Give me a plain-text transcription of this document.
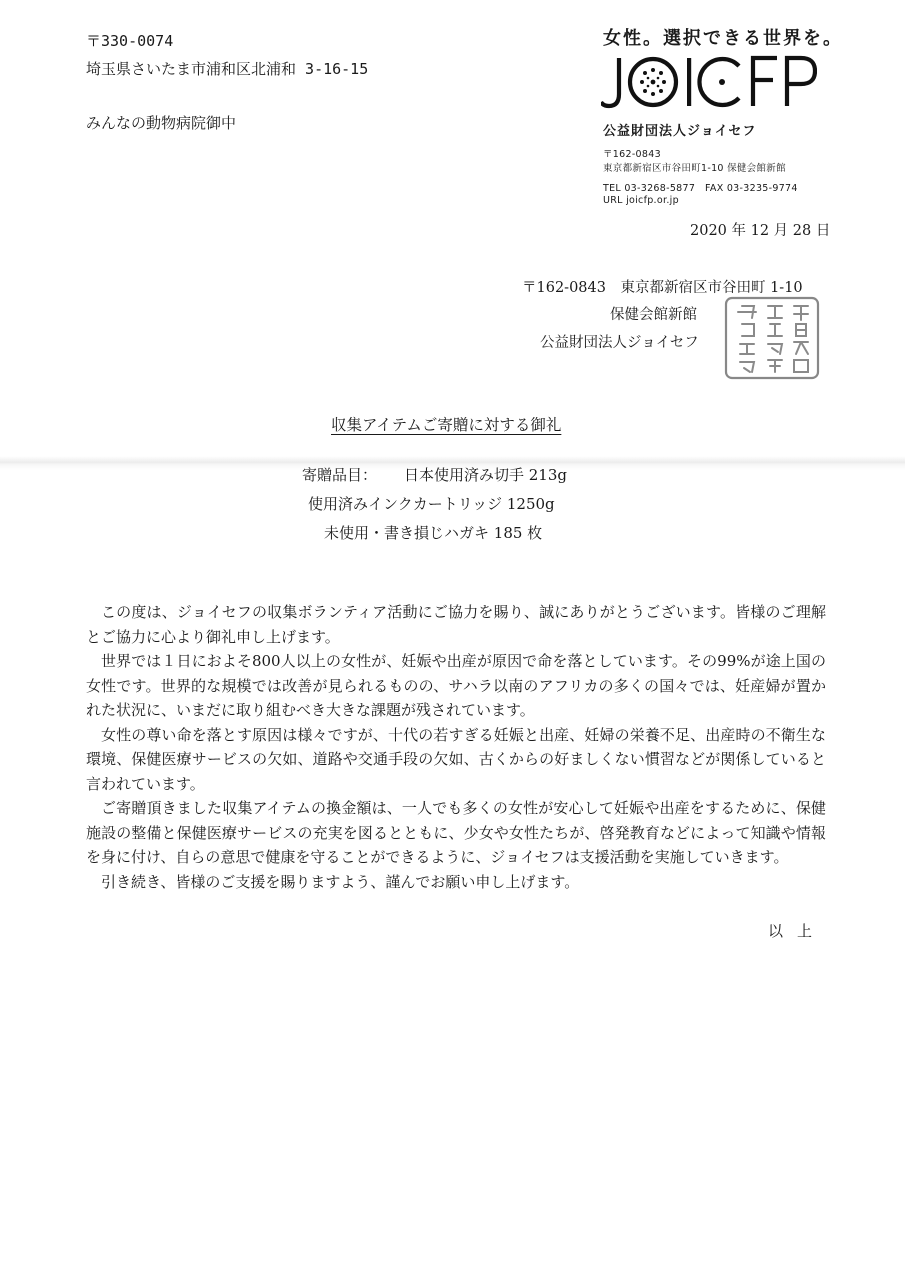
〒330-0074
埼玉県さいたま市浦和区北浦和 3-16-15
みんなの動物病院御中
女性。選択できる世界を。
公益財団法人ジョイセフ
〒162-0843
東京都新宿区市谷田町1-10 保健会館新館
TEL 03-3268-5877　FAX 03-3235-9774
URL joicfp.or.jp
2020 年 12 月 28 日
〒162-0843　東京都新宿区市谷田町 1-10
保健会館新館
公益財団法人ジョイセフ
収集アイテムご寄贈に対する御礼
寄贈品目： 日本使用済み切手 213g
使用済みインクカートリッジ 1250g
未使用・書き損じハガキ 185 枚

この度は、ジョイセフの収集ボランティア活動にご協力を賜り、誠にありがとうございます。皆様のご理解とご協力に心より御礼申し上げます。

世界では１日におよそ800人以上の女性が、妊娠や出産が原因で命を落としています。その99%が途上国の女性です。世界的な規模では改善が見られるものの、サハラ以南のアフリカの多くの国々では、妊産婦が置かれた状況に、いまだに取り組むべき大きな課題が残されています。

女性の尊い命を落とす原因は様々ですが、十代の若すぎる妊娠と出産、妊婦の栄養不足、出産時の不衛生な環境、保健医療サービスの欠如、道路や交通手段の欠如、古くからの好ましくない慣習などが関係していると言われています。

ご寄贈頂きました収集アイテムの換金額は、一人でも多くの女性が安心して妊娠や出産をするために、保健施設の整備と保健医療サービスの充実を図るとともに、少女や女性たちが、啓発教育などによって知識や情報を身に付け、自らの意思で健康を守ることができるように、ジョイセフは支援活動を実施していきます。

引き続き、皆様のご支援を賜りますよう、謹んでお願い申し上げます。

以上
